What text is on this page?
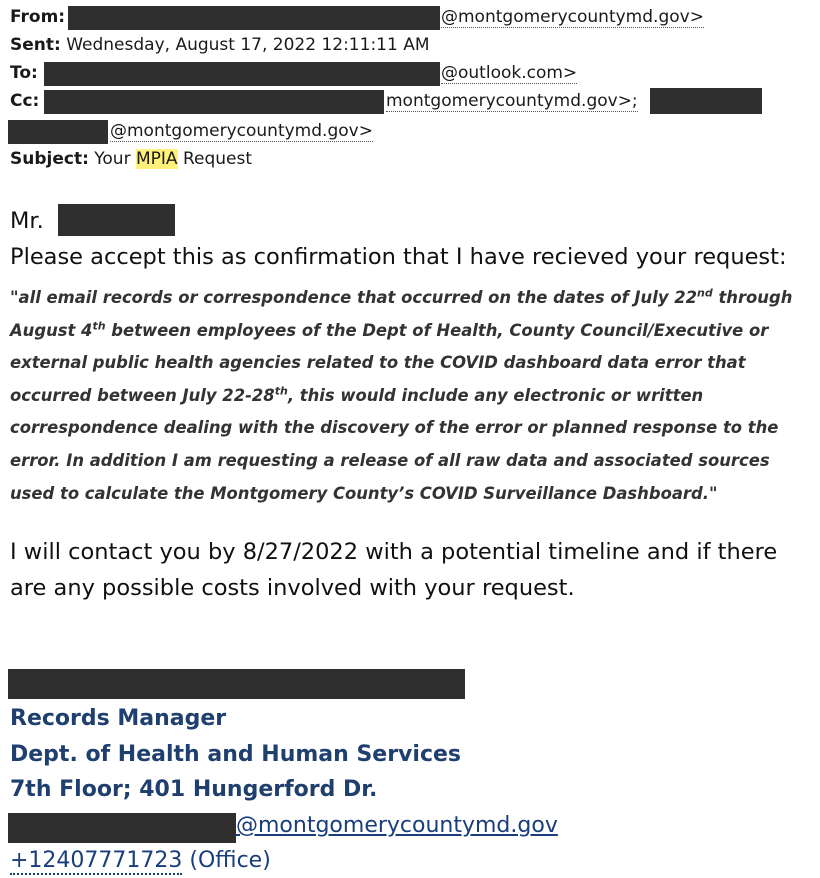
From:	@montgomerycountymd.gov>
Sent: Wednesday, August 17, 2022 12:11:11 AM
To:	@outlook.com>
Cc:	montgomerycountymd.gov>;
@montgomerycountymd.gov>
Subject: Your MPIA Request
Mr.
Please accept this as confirmation that I have recieved your request:

"all email records or correspondence that occurred on the dates of July 22nd through August 4th between employees of the Dept of Health, County Council/Executive or external public health agencies related to the COVID dashboard data error that occurred between July 22-28th, this would include any electronic or written correspondence dealing with the discovery of the error or planned response to the error. In addition I am requesting a release of all raw data and associated sources used to calculate the Montgomery County’s COVID Surveillance Dashboard."

I will contact you by 8/27/2022 with a potential timeline and if there are any possible costs involved with your request.

Records Manager
Dept. of Health and Human Services
7th Floor; 401 Hungerford Dr.
@montgomerycountymd.gov
+12407771723 (Office)
